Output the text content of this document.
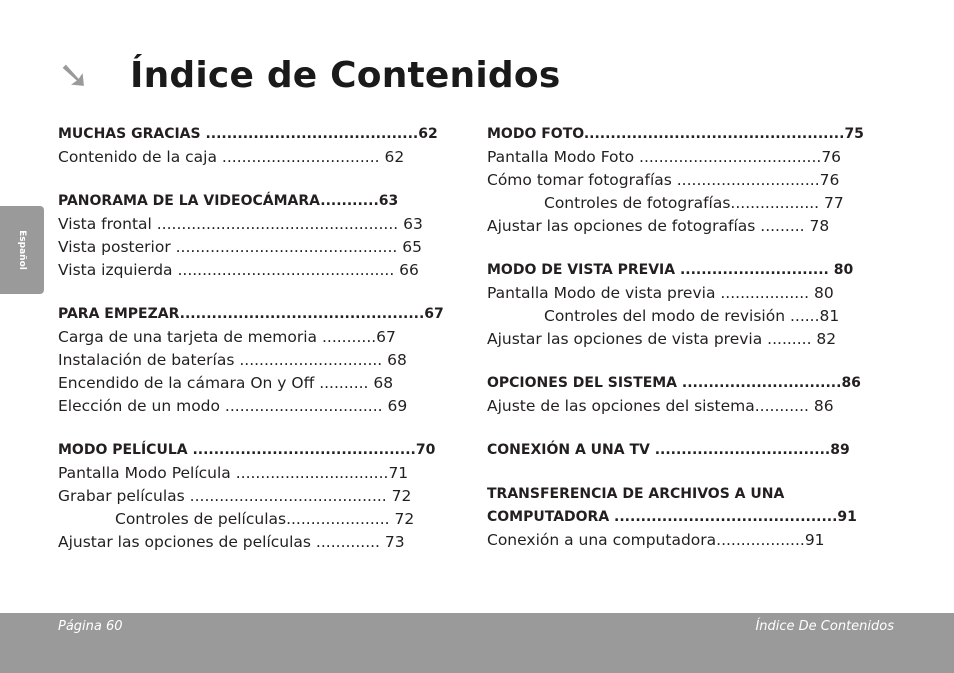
➘	Índice de Contenidos
Español
MUCHAS GRACIAS ........................................62
Contenido de la caja ................................ 62
PANORAMA DE LA VIDEOCÁMARA...........63
Vista frontal ................................................. 63
Vista posterior ............................................. 65
Vista izquierda ............................................ 66
PARA EMPEZAR..............................................67
Carga de una tarjeta de memoria ...........67
Instalación de baterías ............................. 68
Encendido de la cámara On y Off .......... 68
Elección de un modo ................................ 69
MODO PELÍCULA ..........................................70
Pantalla Modo Película ...............................71
Grabar películas ........................................ 72
Controles de películas..................... 72
Ajustar las opciones de películas ............. 73
MODO FOTO.................................................75
Pantalla Modo Foto .....................................76
Cómo tomar fotografías .............................76
Controles de fotografías.................. 77
Ajustar las opciones de fotografías ......... 78
MODO DE VISTA PREVIA ............................ 80
Pantalla Modo de vista previa .................. 80
Controles del modo de revisión ......81
Ajustar las opciones de vista previa ......... 82
OPCIONES DEL SISTEMA ..............................86
Ajuste de las opciones del sistema........... 86
CONEXIÓN A UNA TV .................................89
TRANSFERENCIA DE ARCHIVOS A UNA
COMPUTADORA ..........................................91
Conexión a una computadora..................91
Página 60	Índice De Contenidos
